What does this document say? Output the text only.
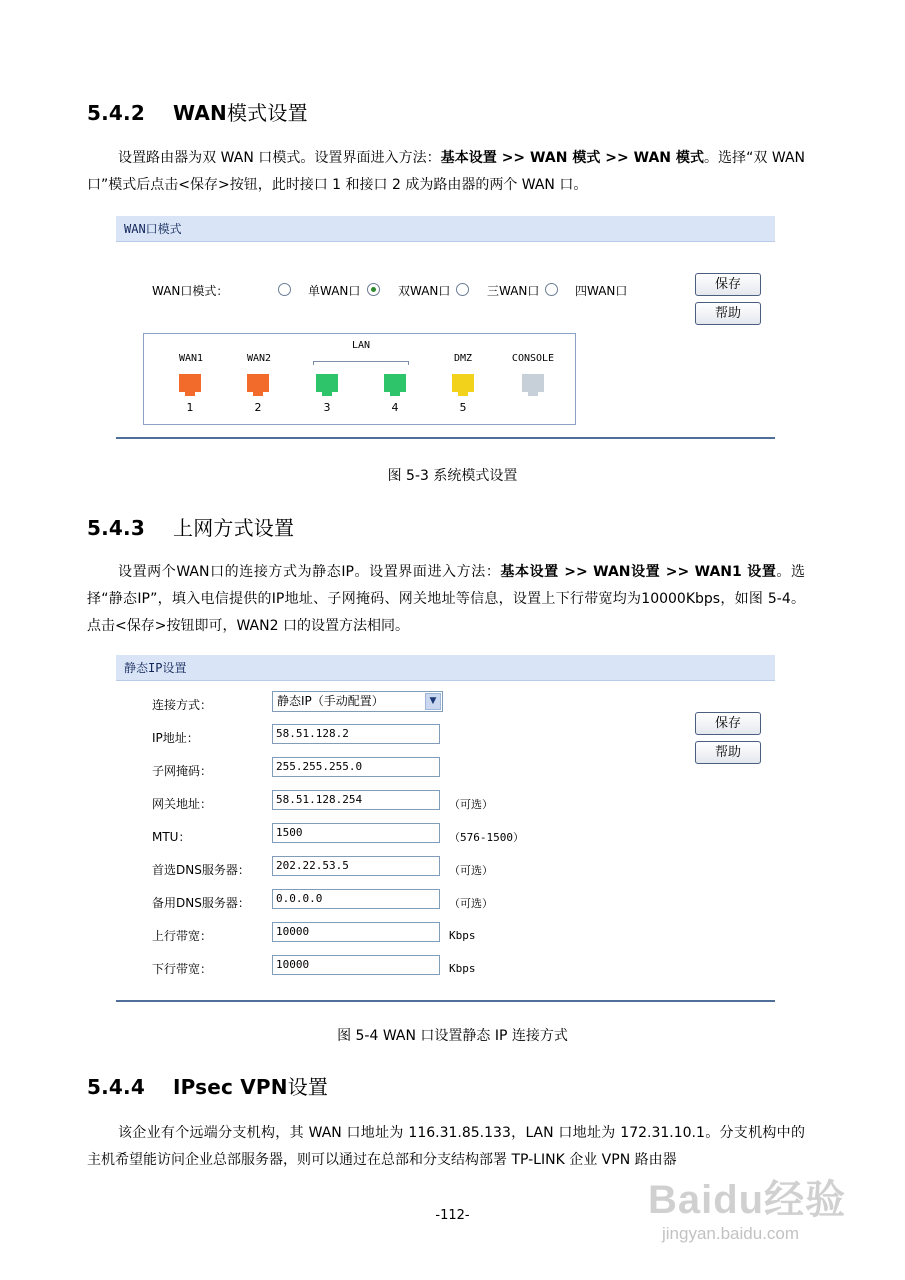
5.4.2 WAN模式设置
设置路由器为双 WAN 口模式。设置界面进入方法：基本设置 >> WAN 模式 >> WAN 模式。选择“双 WAN 口”模式后点击<保存>按钮，此时接口 1 和接口 2 成为路由器的两个 WAN 口。
WAN口模式
WAN口模式：	单WAN口	双WAN口	三WAN口	四WAN口	保存
帮助
WAN1	WAN2
LAN
DMZ	CONSOLE
1	2	3	4	5
图 5-3 系统模式设置
5.4.3 上网方式设置
设置两个WAN口的连接方式为静态IP。设置界面进入方法：基本设置 >> WAN设置 >> WAN1 设置。选择“静态IP”，填入电信提供的IP地址、子网掩码、网关地址等信息，设置上下行带宽均为10000Kbps，如图 5-4。点击<保存>按钮即可，WAN2 口的设置方法相同。
静态IP设置
连接方式：	静态IP（手动配置）	▼
IP地址：	58.51.128.2
子网掩码：	255.255.255.0
网关地址：	58.51.128.254	（可选）
MTU：	1500	（576-1500）
首选DNS服务器：	202.22.53.5	（可选）
备用DNS服务器：	0.0.0.0	（可选）
上行带宽：	10000	Kbps
下行带宽：	10000	Kbps
保存
帮助
图 5-4 WAN 口设置静态 IP 连接方式
5.4.4 IPsec VPN设置
该企业有个远端分支机构，其 WAN 口地址为 116.31.85.133，LAN 口地址为 172.31.10.1。分支机构中的主机希望能访问企业总部服务器，则可以通过在总部和分支结构部署 TP-LINK 企业 VPN 路由器
-112-	Baidu经验
jingyan.baidu.com
